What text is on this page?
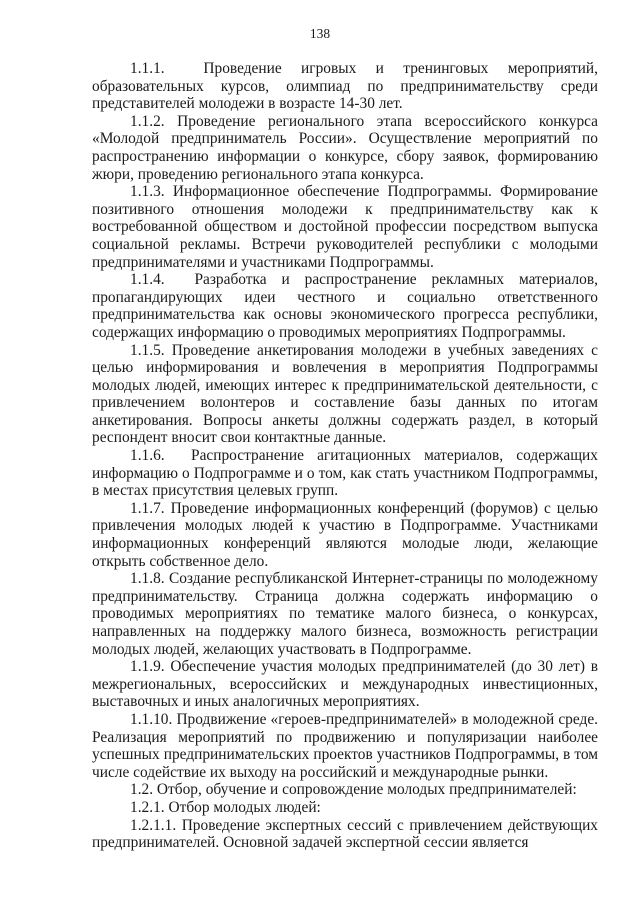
138

1.1.1.  Проведение игровых и тренинговых мероприятий, образовательных курсов, олимпиад по предпринимательству среди представителей молодежи в возрасте 14-30 лет.

1.1.2. Проведение регионального этапа всероссийского конкурса «Молодой предприниматель России». Осуществление мероприятий по распространению информации о конкурсе, сбору заявок, формированию жюри, проведению регионального этапа конкурса.

1.1.3. Информационное обеспечение Подпрограммы. Формирование позитивного отношения молодежи к предпринимательству как к востребованной обществом и достойной профессии посредством выпуска социальной рекламы. Встречи руководителей республики с молодыми предпринимателями и участниками Подпрограммы.

1.1.4.  Разработка и распространение рекламных материалов, пропагандирующих идеи честного и социально ответственного предпринимательства как основы экономического прогресса республики, содержащих информацию о проводимых мероприятиях Подпрограммы.

1.1.5. Проведение анкетирования молодежи в учебных заведениях с целью информирования и вовлечения в мероприятия Подпрограммы молодых людей, имеющих интерес к предпринимательской деятельности, с привлечением волонтеров и составление базы данных по итогам анкетирования. Вопросы анкеты должны содержать раздел, в который респондент вносит свои контактные данные.

1.1.6.  Распространение агитационных материалов, содержащих информацию о Подпрограмме и о том, как стать участником Подпрограммы, в местах присутствия целевых групп.

1.1.7. Проведение информационных конференций (форумов) с целью привлечения молодых людей к участию в Подпрограмме. Участниками информационных конференций являются молодые люди, желающие открыть собственное дело.

1.1.8. Создание республиканской Интернет-страницы по молодежному предпринимательству. Страница должна содержать информацию о проводимых мероприятиях по тематике малого бизнеса, о конкурсах, направленных на поддержку малого бизнеса, возможность регистрации молодых людей, желающих участвовать в Подпрограмме.

1.1.9. Обеспечение участия молодых предпринимателей (до 30 лет) в межрегиональных, всероссийских и международных инвестиционных, выставочных и иных аналогичных мероприятиях.

1.1.10. Продвижение «героев-предпринимателей» в молодежной среде. Реализация мероприятий по продвижению и популяризации наиболее успешных предпринимательских проектов участников Подпрограммы, в том числе содействие их выходу на российский и международные рынки.

1.2. Отбор, обучение и сопровождение молодых предпринимателей:

1.2.1. Отбор молодых людей:

1.2.1.1. Проведение экспертных сессий с привлечением действующих предпринимателей. Основной задачей экспертной сессии является
